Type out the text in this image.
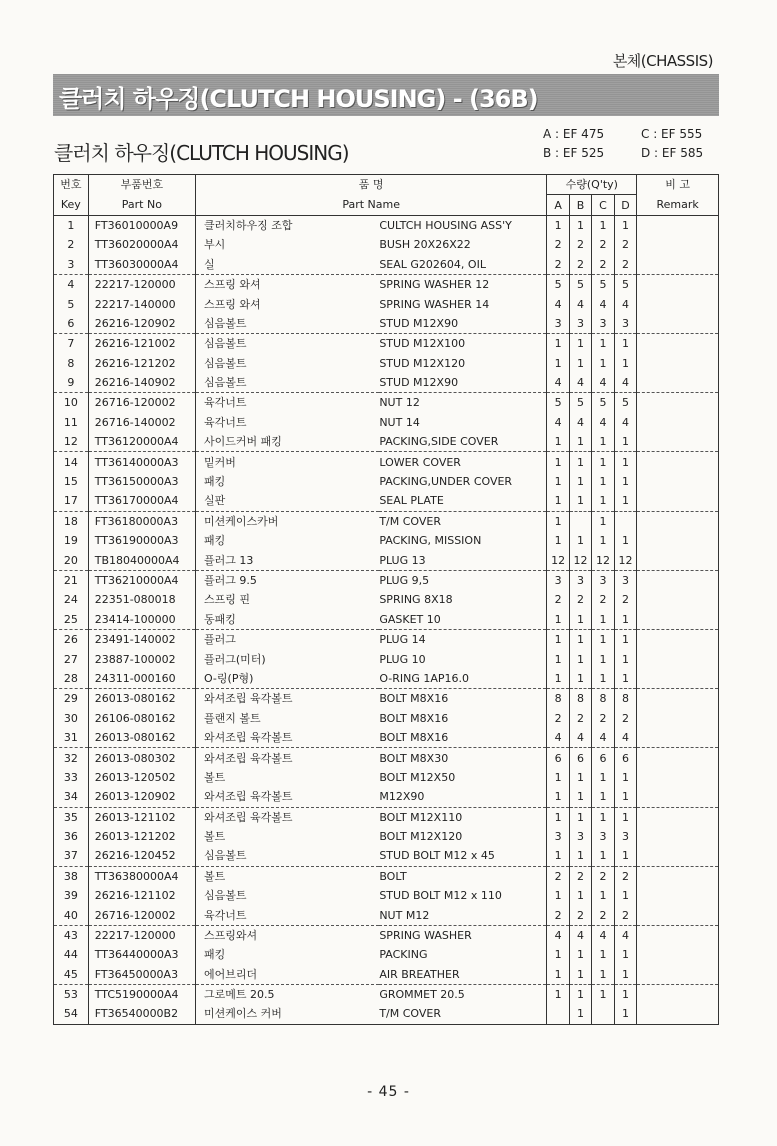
본체(CHASSIS)
클러치 하우징(CLUTCH HOUSING) - (36B)
클러치 하우징(CLUTCH HOUSING)
A : EF 475	C : EF 555
B : EF 525	D : EF 585
번호	부품번호	품 명		수량(Q'ty)				비 고
Key	Part No	Part Name		A	B	C	D	Remark
1	FT36010000A9	클러치하우징 조합	CULTCH HOUSING ASS'Y	1	1	1	1	
2	TT36020000A4	부시	BUSH 20X26X22	2	2	2	2	
3	TT36030000A4	실	SEAL G202604, OIL	2	2	2	2	
4	22217-120000	스프링 와셔	SPRING WASHER 12	5	5	5	5	
5	22217-140000	스프링 와셔	SPRING WASHER 14	4	4	4	4	
6	26216-120902	심음볼트	STUD M12X90	3	3	3	3	
7	26216-121002	심음볼트	STUD M12X100	1	1	1	1	
8	26216-121202	심음볼트	STUD M12X120	1	1	1	1	
9	26216-140902	심음볼트	STUD M12X90	4	4	4	4	
10	26716-120002	육각너트	NUT 12	5	5	5	5	
11	26716-140002	육각너트	NUT 14	4	4	4	4	
12	TT36120000A4	사이드커버 패킹	PACKING,SIDE COVER	1	1	1	1	
14	TT36140000A3	밑커버	LOWER COVER	1	1	1	1	
15	TT36150000A3	패킹	PACKING,UNDER COVER	1	1	1	1	
17	TT36170000A4	실판	SEAL PLATE	1	1	1	1	
18	FT36180000A3	미션케이스카버	T/M COVER	1		1		
19	TT36190000A3	패킹	PACKING, MISSION	1	1	1	1	
20	TB18040000A4	플러그 13	PLUG 13	12	12	12	12	
21	TT36210000A4	플러그 9.5	PLUG 9,5	3	3	3	3	
24	22351-080018	스프링 핀	SPRING 8X18	2	2	2	2	
25	23414-100000	동패킹	GASKET 10	1	1	1	1	
26	23491-140002	플러그	PLUG 14	1	1	1	1	
27	23887-100002	플러그(미터)	PLUG 10	1	1	1	1	
28	24311-000160	O-링(P형)	O-RING 1AP16.0	1	1	1	1	
29	26013-080162	와셔조립 육각볼트	BOLT M8X16	8	8	8	8	
30	26106-080162	플랜지 볼트	BOLT M8X16	2	2	2	2	
31	26013-080162	와셔조립 육각볼트	BOLT M8X16	4	4	4	4	
32	26013-080302	와셔조립 육각볼트	BOLT M8X30	6	6	6	6	
33	26013-120502	볼트	BOLT M12X50	1	1	1	1	
34	26013-120902	와셔조립 육각볼트	M12X90	1	1	1	1	
35	26013-121102	와셔조립 육각볼트	BOLT M12X110	1	1	1	1	
36	26013-121202	볼트	BOLT M12X120	3	3	3	3	
37	26216-120452	심음볼트	STUD BOLT M12 x 45	1	1	1	1	
38	TT36380000A4	볼트	BOLT	2	2	2	2	
39	26216-121102	심음볼트	STUD BOLT M12 x 110	1	1	1	1	
40	26716-120002	육각너트	NUT M12	2	2	2	2	
43	22217-120000	스프링와셔	SPRING WASHER	4	4	4	4	
44	TT36440000A3	패킹	PACKING	1	1	1	1	
45	FT36450000A3	에어브리더	AIR BREATHER	1	1	1	1	
53	TTC5190000A4	그로메트 20.5	GROMMET 20.5	1	1	1	1	
54	FT36540000B2	미션케이스 커버	T/M COVER		1		1	
- 45 -
